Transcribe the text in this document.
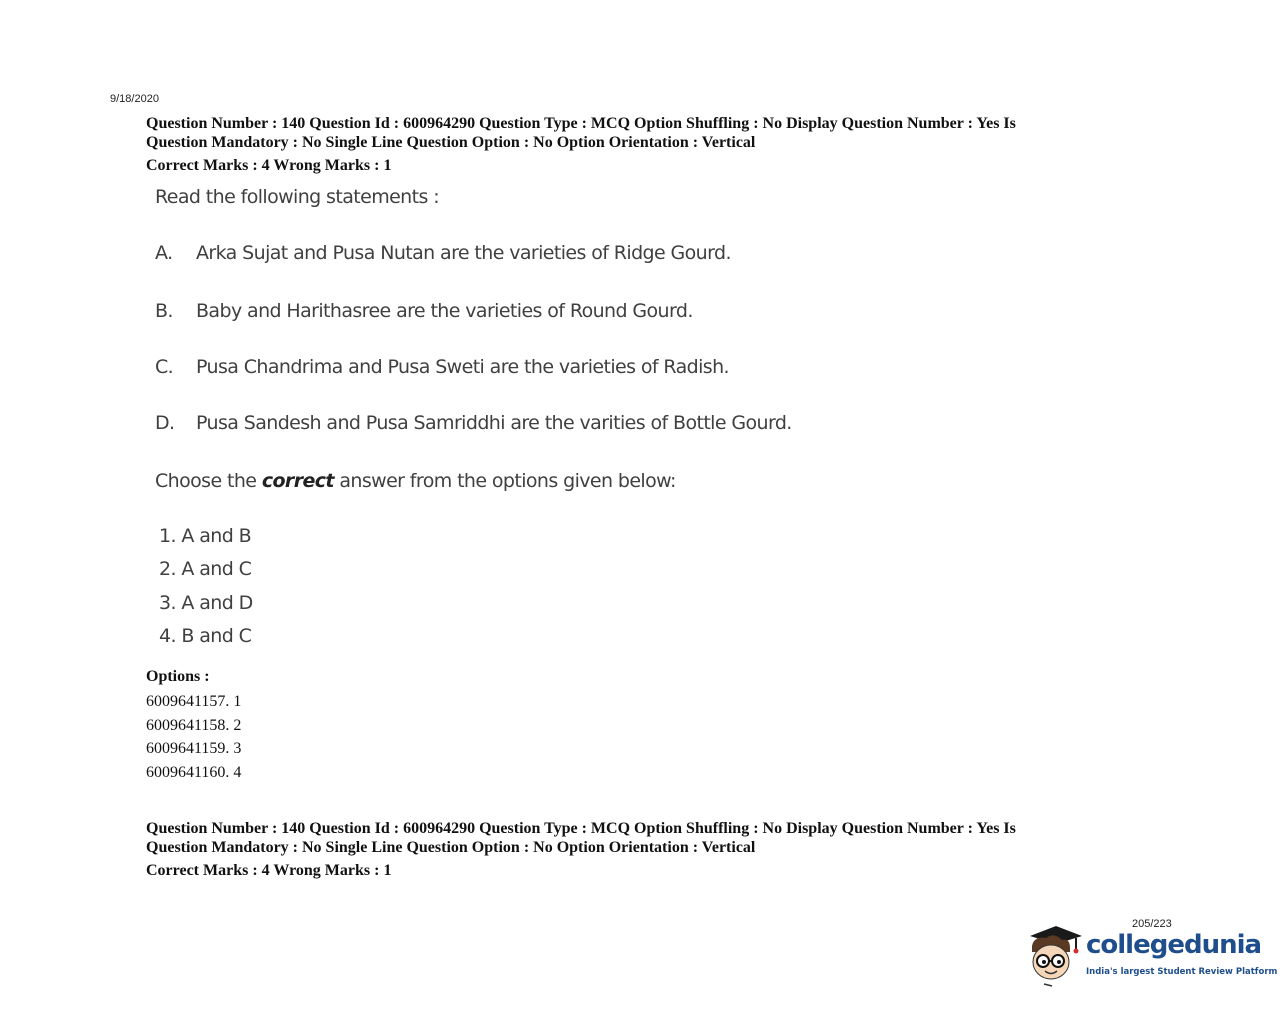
9/18/2020
Question Number : 140 Question Id : 600964290 Question Type : MCQ Option Shuffling : No Display Question Number : Yes Is
Question Mandatory : No Single Line Question Option : No Option Orientation : Vertical
Correct Marks : 4 Wrong Marks : 1
Read the following statements :
A. Arka Sujat and Pusa Nutan are the varieties of Ridge Gourd.
B. Baby and Harithasree are the varieties of Round Gourd.
C. Pusa Chandrima and Pusa Sweti are the varieties of Radish.
D. Pusa Sandesh and Pusa Samriddhi are the varities of Bottle Gourd.
Choose the correct answer from the options given below:
1. A and B
2. A and C
3. A and D
4. B and C
Options :
6009641157. 1
6009641158. 2
6009641159. 3
6009641160. 4
Question Number : 140 Question Id : 600964290 Question Type : MCQ Option Shuffling : No Display Question Number : Yes Is
Question Mandatory : No Single Line Question Option : No Option Orientation : Vertical
Correct Marks : 4 Wrong Marks : 1
205/223
collegedunia
India's largest Student Review Platform
